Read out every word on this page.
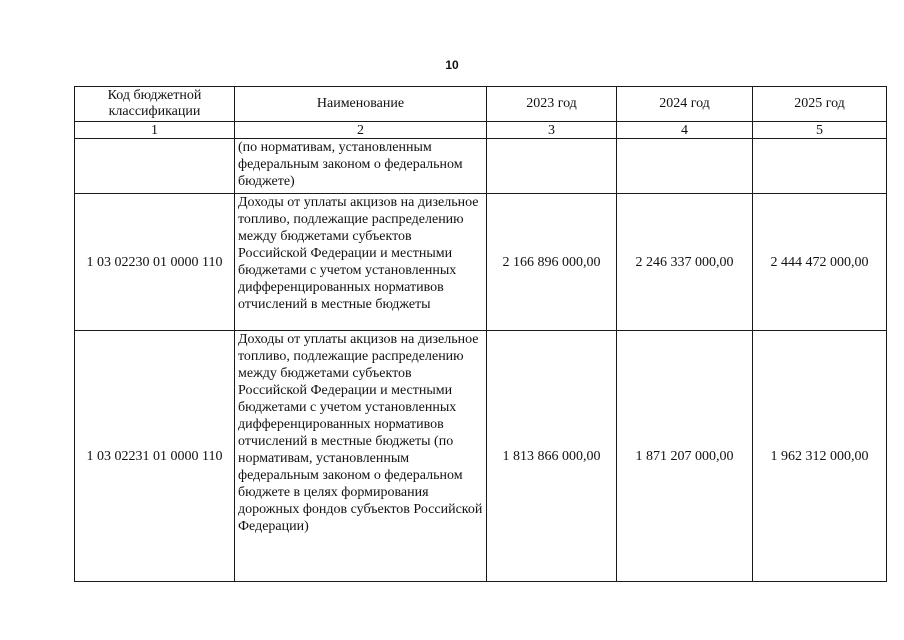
10
Код бюджетной классификации	Наименование	2023 год	2024 год	2025 год
1	2	3	4	5
	(по нормативам, установленным федеральным законом о федеральном бюджете)			
1 03 02230 01 0000 110	Доходы от уплаты акцизов на дизельное топливо, подлежащие распределению между бюджетами субъектов Российской Федерации и местными бюджетами с учетом установленных дифференцированных нормативов отчислений в местные бюджеты	2 166 896 000,00	2 246 337 000,00	2 444 472 000,00
1 03 02231 01 0000 110	Доходы от уплаты акцизов на дизельное топливо, подлежащие распределению между бюджетами субъектов Российской Федерации и местными бюджетами с учетом установленных дифференцированных нормативов отчислений в местные бюджеты (по нормативам, установленным федеральным законом о федеральном бюджете в целях формирования дорожных фондов субъектов Российской Федерации)	1 813 866 000,00	1 871 207 000,00	1 962 312 000,00
